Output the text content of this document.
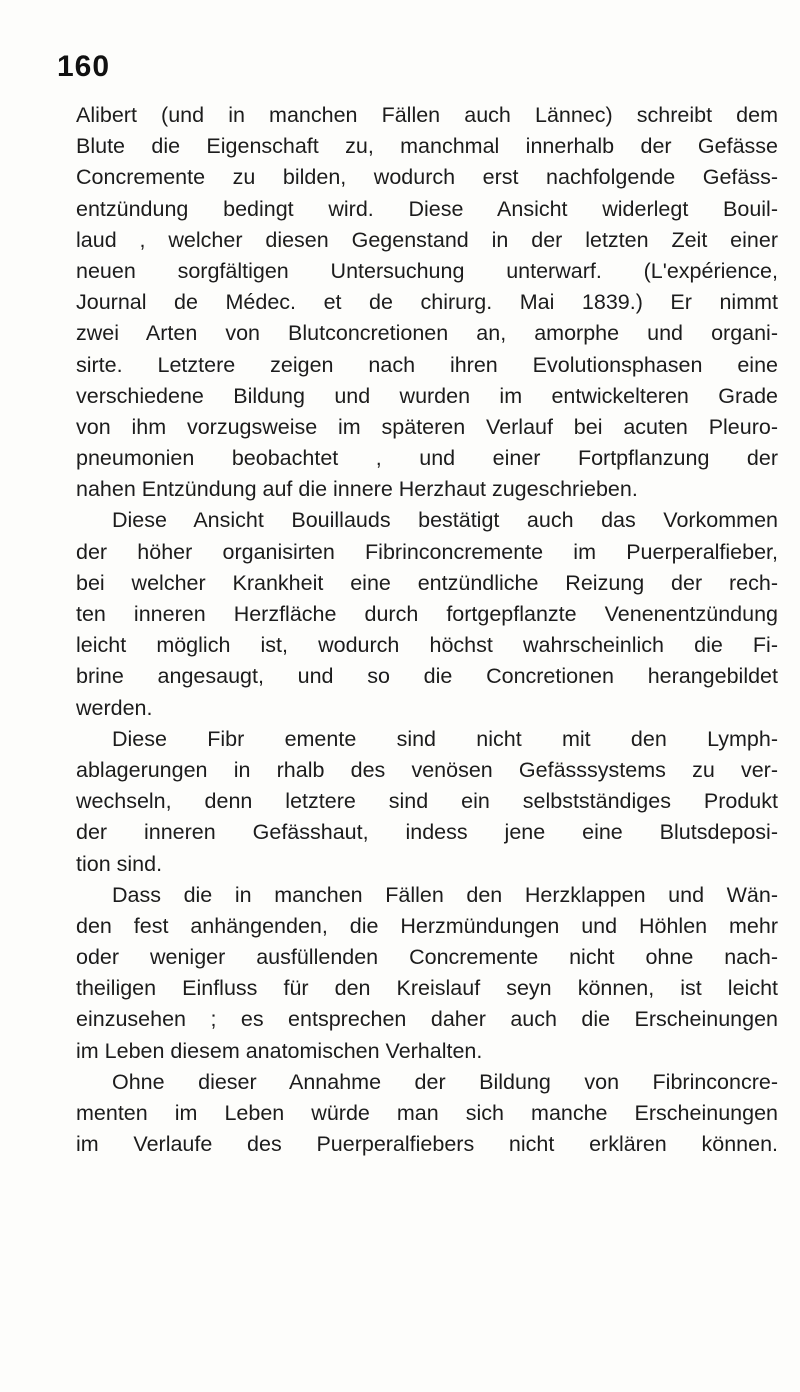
160
Alibert (und in manchen Fällen auch Lännec) schreibt dem
Blute die Eigenschaft zu, manchmal innerhalb der Gefässe
Concremente zu bilden, wodurch erst nachfolgende Gefäss-
entzündung bedingt wird. Diese Ansicht widerlegt Bouil-
laud , welcher diesen Gegenstand in der letzten Zeit einer
neuen sorgfältigen Untersuchung unterwarf. (L'expérience,
Journal de Médec. et de chirurg. Mai 1839.) Er nimmt
zwei Arten von Blutconcretionen an, amorphe und organi-
sirte. Letztere zeigen nach ihren Evolutionsphasen eine
verschiedene Bildung und wurden im entwickelteren Grade
von ihm vorzugsweise im späteren Verlauf bei acuten Pleuro-
pneumonien beobachtet , und einer Fortpflanzung der
nahen Entzündung auf die innere Herzhaut zugeschrieben.
Diese Ansicht Bouillauds bestätigt auch das Vorkommen
der höher organisirten Fibrinconcremente im Puerperalfieber,
bei welcher Krankheit eine entzündliche Reizung der rech-
ten inneren Herzfläche durch fortgepflanzte Venenentzündung
leicht möglich ist, wodurch höchst wahrscheinlich die Fi-
brine angesaugt, und so die Concretionen herangebildet
werden.
Diese Fibr emente sind nicht mit den Lymph-
ablagerungen in rhalb des venösen Gefässsystems zu ver-
wechseln, denn letztere sind ein selbstständiges Produkt
der inneren Gefässhaut, indess jene eine Blutsdeposi-
tion sind.
Dass die in manchen Fällen den Herzklappen und Wän-
den fest anhängenden, die Herzmündungen und Höhlen mehr
oder weniger ausfüllenden Concremente nicht ohne nach-
theiligen Einfluss für den Kreislauf seyn können, ist leicht
einzusehen ; es entsprechen daher auch die Erscheinungen
im Leben diesem anatomischen Verhalten.
Ohne dieser Annahme der Bildung von Fibrinconcre-
menten im Leben würde man sich manche Erscheinungen
im Verlaufe des Puerperalfiebers nicht erklären können.
